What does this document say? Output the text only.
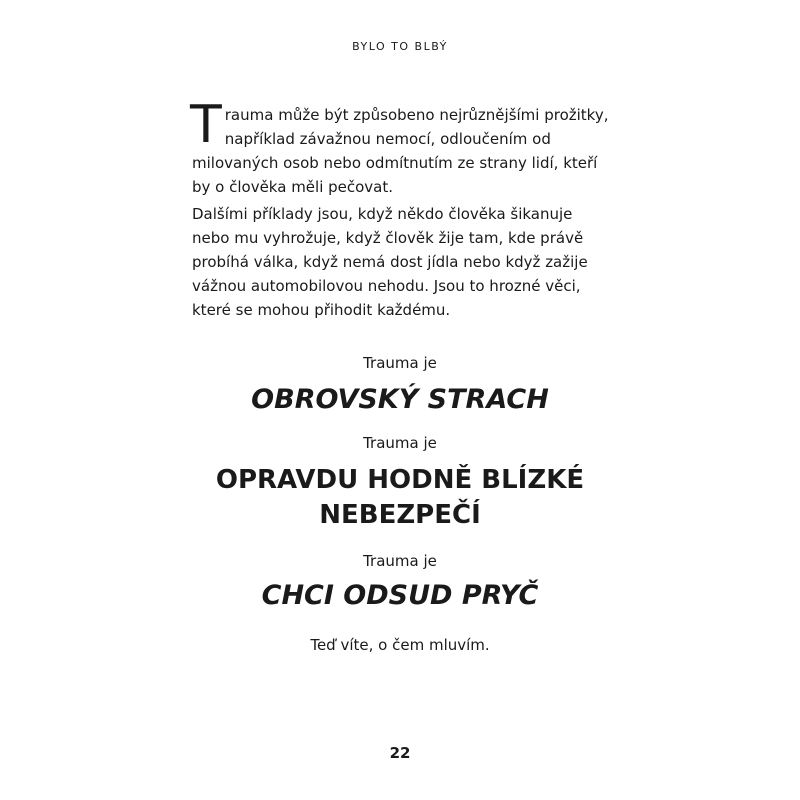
BYLO TO BLBÝ

Trauma může být způsobeno nejrůznějšími prožitky, například závažnou nemocí, odloučením od milovaných osob nebo odmítnutím ze strany lidí, kteří by o člověka měli pečovat.

Dalšími příklady jsou, když někdo člověka šikanuje nebo mu vyhrožuje, když člověk žije tam, kde právě probíhá válka, když nemá dost jídla nebo když zažije vážnou automobilovou nehodu. Jsou to hrozné věci, které se mohou přihodit každému.

Trauma je
OBROVSKÝ STRACH
Trauma je
OPRAVDU HODNĚ BLÍZKÉ
NEBEZPEČÍ
Trauma je
CHCI ODSUD PRYČ
Teď víte, o čem mluvím.
22
